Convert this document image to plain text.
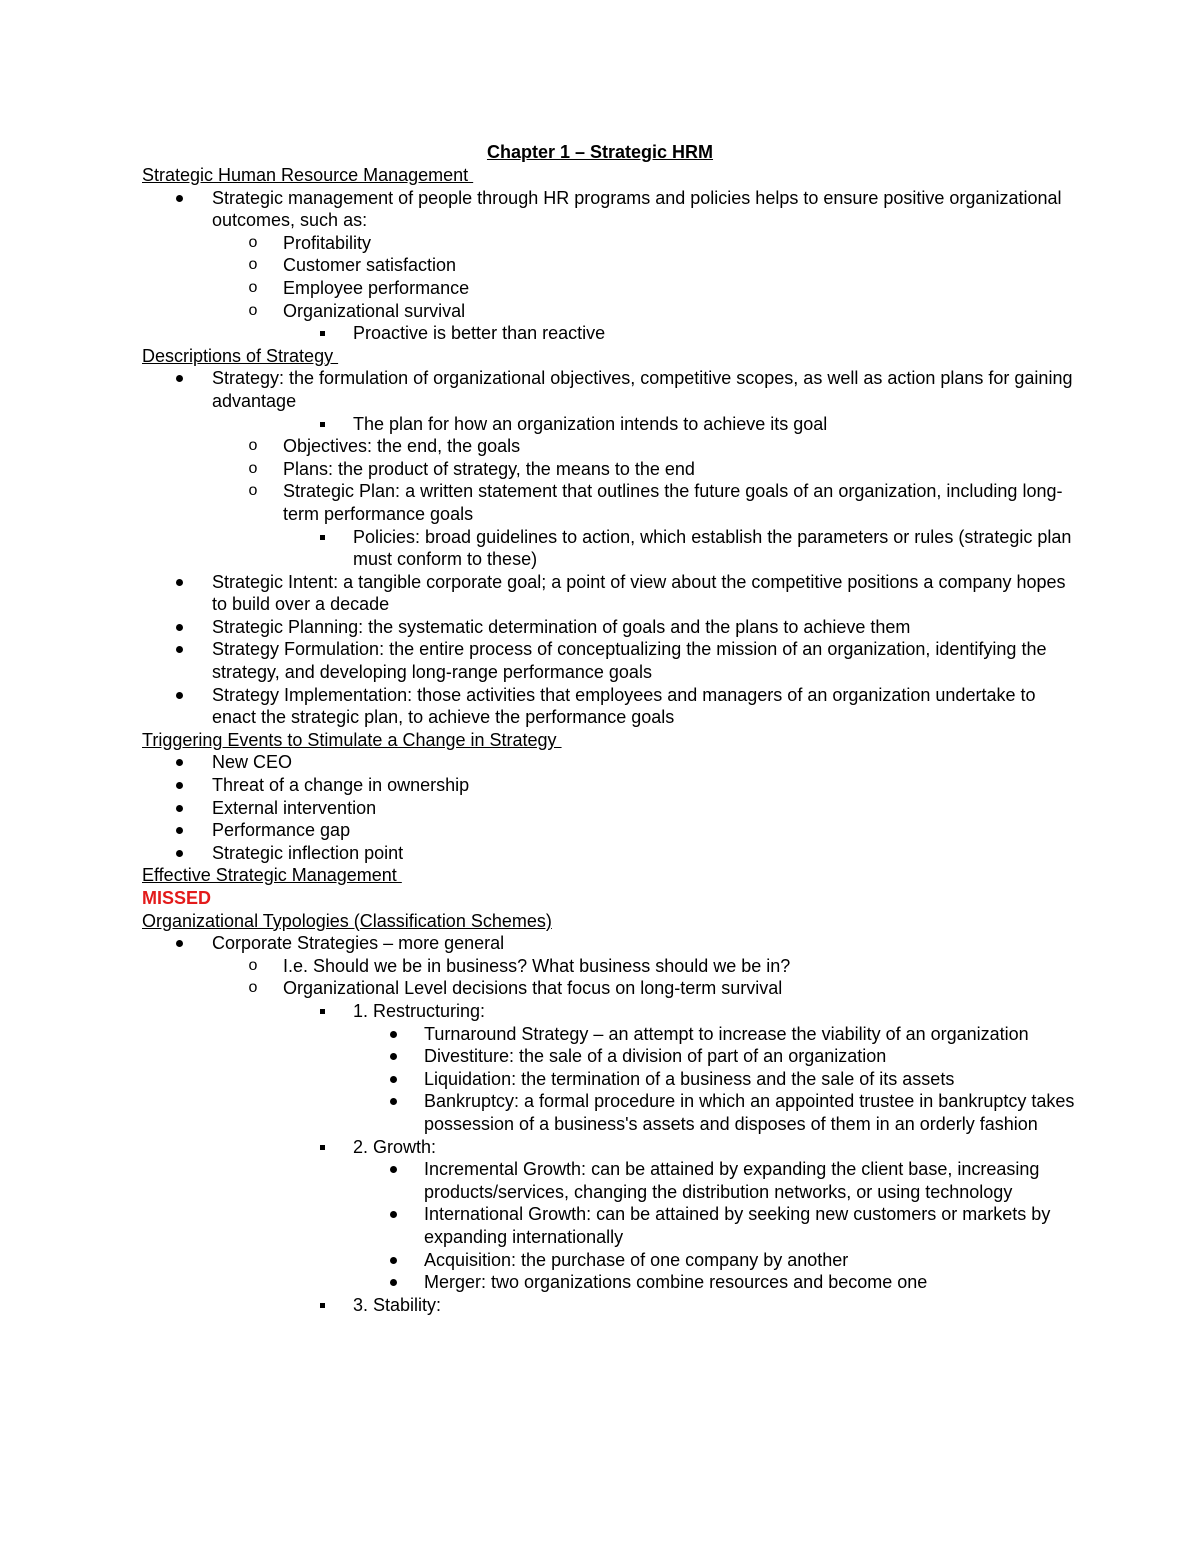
Chapter 1 – Strategic HRM
Strategic Human Resource Management
Strategic management of people through HR programs and policies helps to ensure positive organizational outcomes, such as:
o	Profitability
o	Customer satisfaction
o	Employee performance
o	Organizational survival
Proactive is better than reactive
Descriptions of Strategy
Strategy: the formulation of organizational objectives, competitive scopes, as well as action plans for gaining advantage
The plan for how an organization intends to achieve its goal
o	Objectives: the end, the goals
o	Plans: the product of strategy, the means to the end
o	Strategic Plan: a written statement that outlines the future goals of an organization, including long-term performance goals
Policies: broad guidelines to action, which establish the parameters or rules (strategic plan must conform to these)
Strategic Intent: a tangible corporate goal; a point of view about the competitive positions a company hopes to build over a decade
Strategic Planning: the systematic determination of goals and the plans to achieve them
Strategy Formulation: the entire process of conceptualizing the mission of an organization, identifying the strategy, and developing long-range performance goals
Strategy Implementation: those activities that employees and managers of an organization undertake to enact the strategic plan, to achieve the performance goals
Triggering Events to Stimulate a Change in Strategy
New CEO
Threat of a change in ownership
External intervention
Performance gap
Strategic inflection point
Effective Strategic Management
MISSED
Organizational Typologies (Classification Schemes)
Corporate Strategies – more general
o	I.e. Should we be in business? What business should we be in?
o	Organizational Level decisions that focus on long-term survival
1. Restructuring:
Turnaround Strategy – an attempt to increase the viability of an organization
Divestiture: the sale of a division of part of an organization
Liquidation: the termination of a business and the sale of its assets
Bankruptcy: a formal procedure in which an appointed trustee in bankruptcy takes possession of a business's assets and disposes of them in an orderly fashion
2. Growth:
Incremental Growth: can be attained by expanding the client base, increasing products/services, changing the distribution networks, or using technology
International Growth: can be attained by seeking new customers or markets by expanding internationally
Acquisition: the purchase of one company by another
Merger: two organizations combine resources and become one
3. Stability:
